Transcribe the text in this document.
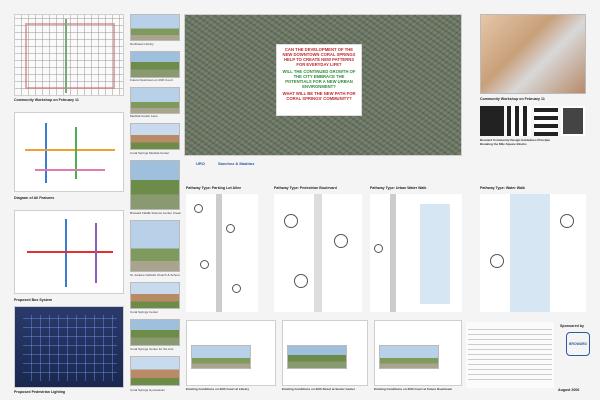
Community Workshop on February 11
Diagram of All Features
Proposed Bus System
Proposed Pedestrian Lighting
Northwest Library
Future Downtown on 29th Court
Medical Center Lane
Coral Springs Medical Center
Broward Fiddlik Science Center Creek
St. Andrew Catholic Church & School
Coral Springs Center
Coral Springs Center for the Arts
Coral Springs Gymnasium
CAN THE DEVELOPMENT OF THE NEW DOWNTOWN CORAL SPRINGS HELP TO CREATE NEW PATTERNS FOR EVERYDAY LIFE?
WILL THE CONTINUED GROWTH OF THE CITY EMBRACE THE POTENTIALS FOR A NEW URBAN ENVIRONMENT?
WHAT WILL BE THE NEW PATH FOR CORAL SPRINGS' COMMUNITY?
URO	Sanchez & Maddux
Community Workshop on February 11
Broward Community Design Guidelines Principle
Breaking the Mile Square Blocks
Pathway Type: Parking Lot Allee	Pathway Type: Pedestrian Boulevard	Pathway Type: Urban Water Walk	Pathway Type: Water Walk
Existing Conditions on 29th Court at Library	Existing Conditions on 29th Street at Senior Center	Existing Conditions on 29th Court at Future Downtown
Sponsored by
BROWARD
August 2006
